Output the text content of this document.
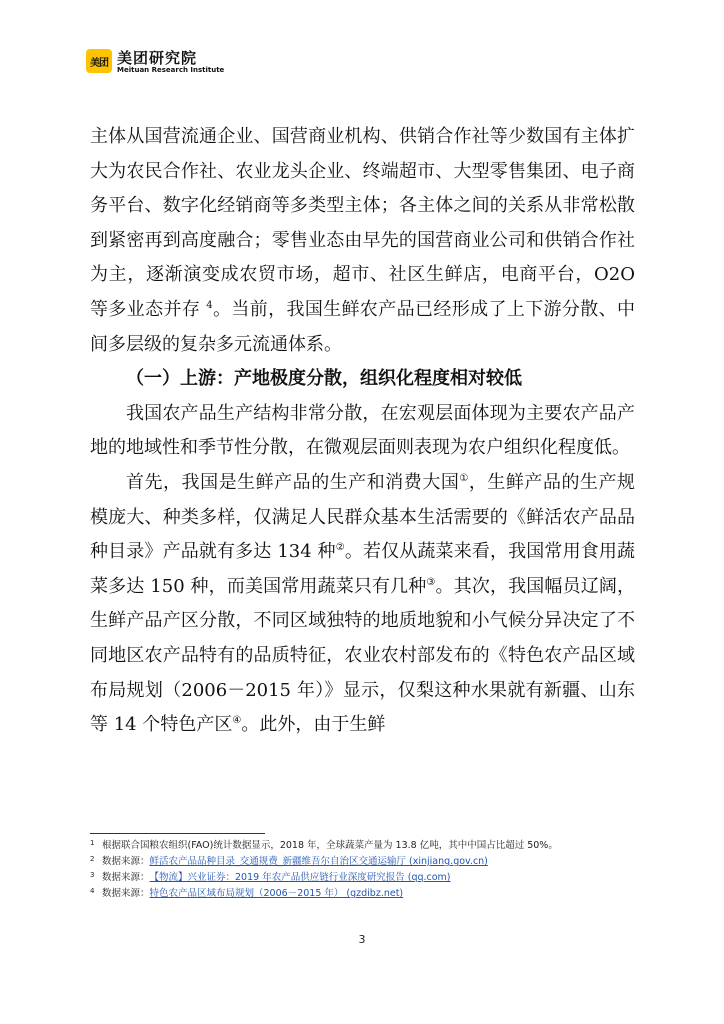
美团 美团研究院
Meituan Research Institute

主体从国营流通企业、国营商业机构、供销合作社等少数国有主体扩大为农民合作社、农业龙头企业、终端超市、大型零售集团、电子商务平台、数字化经销商等多类型主体；各主体之间的关系从非常松散到紧密再到高度融合；零售业态由早先的国营商业公司和供销合作社为主，逐渐演变成农贸市场，超市、社区生鲜店，电商平台，O2O 等多业态并存 $^4$。当前，我国生鲜农产品已经形成了上下游分散、中间多层级的复杂多元流通体系。

（一）上游：产地极度分散，组织化程度相对较低

我国农产品生产结构非常分散，在宏观层面体现为主要农产品产地的地域性和季节性分散，在微观层面则表现为农户组织化程度低。

首先，我国是生鲜产品的生产和消费大国①，生鲜产品的生产规模庞大、种类多样，仅满足人民群众基本生活需要的《鲜活农产品品种目录》产品就有多达 134 种②。若仅从蔬菜来看，我国常用食用蔬菜多达 150 种，而美国常用蔬菜只有几种③。其次，我国幅员辽阔，生鲜产品产区分散，不同区域独特的地质地貌和小气候分异决定了不同地区农产品特有的品质特征，农业农村部发布的《特色农产品区域布局规划（2006－2015 年）》显示，仅梨这种水果就有新疆、山东等 14 个特色产区④。此外，由于生鲜

1 根据联合国粮农组织(FAO)统计数据显示，2018 年，全球蔬菜产量为 13.8 亿吨，其中中国占比超过 50%。
2 数据来源： 鲜活农产品品种目录_交通规费_新疆维吾尔自治区交通运输厅 (xinjiang.gov.cn)
3 数据来源： 【物流】兴业证券：2019 年农产品供应链行业深度研究报告 (qq.com)
4 数据来源： 特色农产品区域布局规划（2006－2015 年） (gzdibz.net)
3
